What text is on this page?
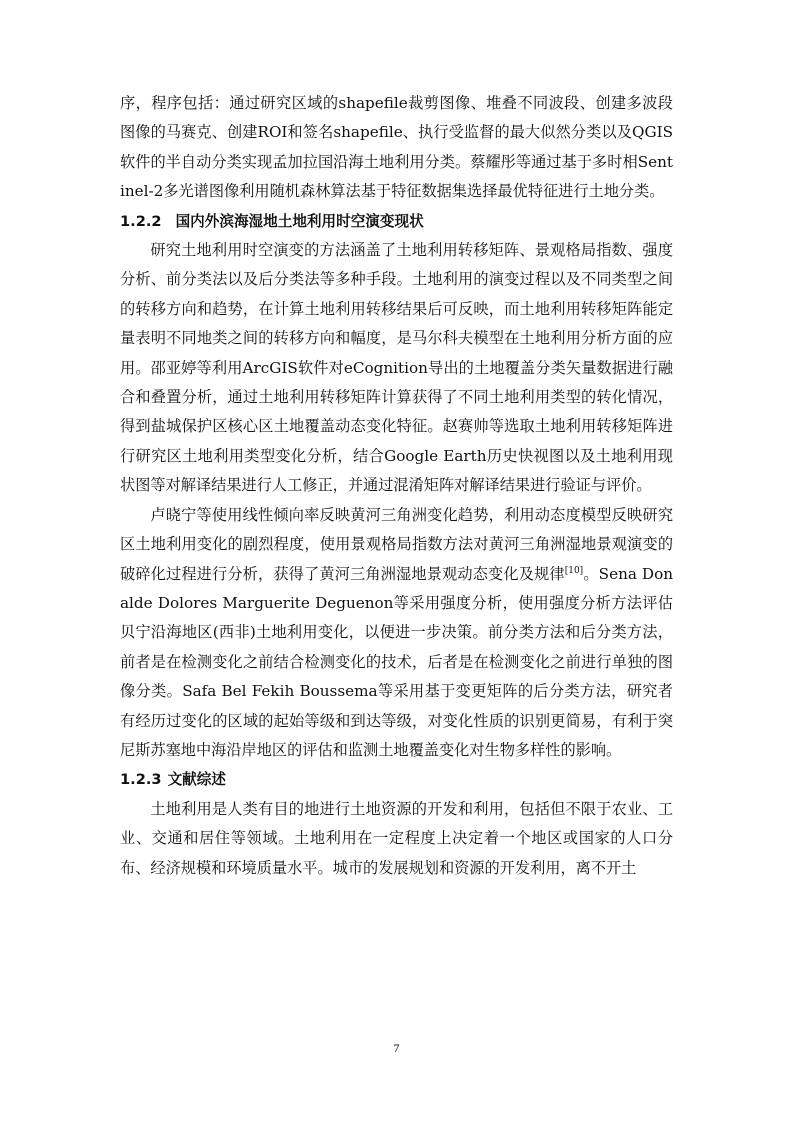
序，程序包括：通过研究区域的shapefile裁剪图像、堆叠不同波段、创建多波段图像的马赛克、创建ROI和签名shapefile、执行受监督的最大似然分类以及QGIS软件的半自动分类实现孟加拉国沿海土地利用分类。蔡耀彤等通过基于多时相Sentinel-2多光谱图像利用随机森林算法基于特征数据集选择最优特征进行土地分类。

1.2.2 国内外滨海湿地土地利用时空演变现状

研究土地利用时空演变的方法涵盖了土地利用转移矩阵、景观格局指数、强度分析、前分类法以及后分类法等多种手段。土地利用的演变过程以及不同类型之间的转移方向和趋势，在计算土地利用转移结果后可反映，而土地利用转移矩阵能定量表明不同地类之间的转移方向和幅度，是马尔科夫模型在土地利用分析方面的应用。邵亚婷等利用ArcGIS软件对eCognition导出的土地覆盖分类矢量数据进行融合和叠置分析，通过土地利用转移矩阵计算获得了不同土地利用类型的转化情况，得到盐城保护区核心区土地覆盖动态变化特征。赵赛帅等选取土地利用转移矩阵进行研究区土地利用类型变化分析，结合Google Earth历史快视图以及土地利用现状图等对解译结果进行人工修正，并通过混淆矩阵对解译结果进行验证与评价。

卢晓宁等使用线性倾向率反映黄河三角洲变化趋势，利用动态度模型反映研究区土地利用变化的剧烈程度，使用景观格局指数方法对黄河三角洲湿地景观演变的破碎化过程进行分析，获得了黄河三角洲湿地景观动态变化及规律[10]。Sena Donalde Dolores Marguerite Deguenon等采用强度分析，使用强度分析方法评估贝宁沿海地区(西非)土地利用变化，以便进一步决策。前分类方法和后分类方法，前者是在检测变化之前结合检测变化的技术，后者是在检测变化之前进行单独的图像分类。Safa Bel Fekih Boussema等采用基于变更矩阵的后分类方法，研究者有经历过变化的区域的起始等级和到达等级，对变化性质的识别更简易，有利于突尼斯苏塞地中海沿岸地区的评估和监测土地覆盖变化对生物多样性的影响。

1.2.3 文献综述

土地利用是人类有目的地进行土地资源的开发和利用，包括但不限于农业、工业、交通和居住等领域。土地利用在一定程度上决定着一个地区或国家的人口分布、经济规模和环境质量水平。城市的发展规划和资源的开发利用，离不开土

7
